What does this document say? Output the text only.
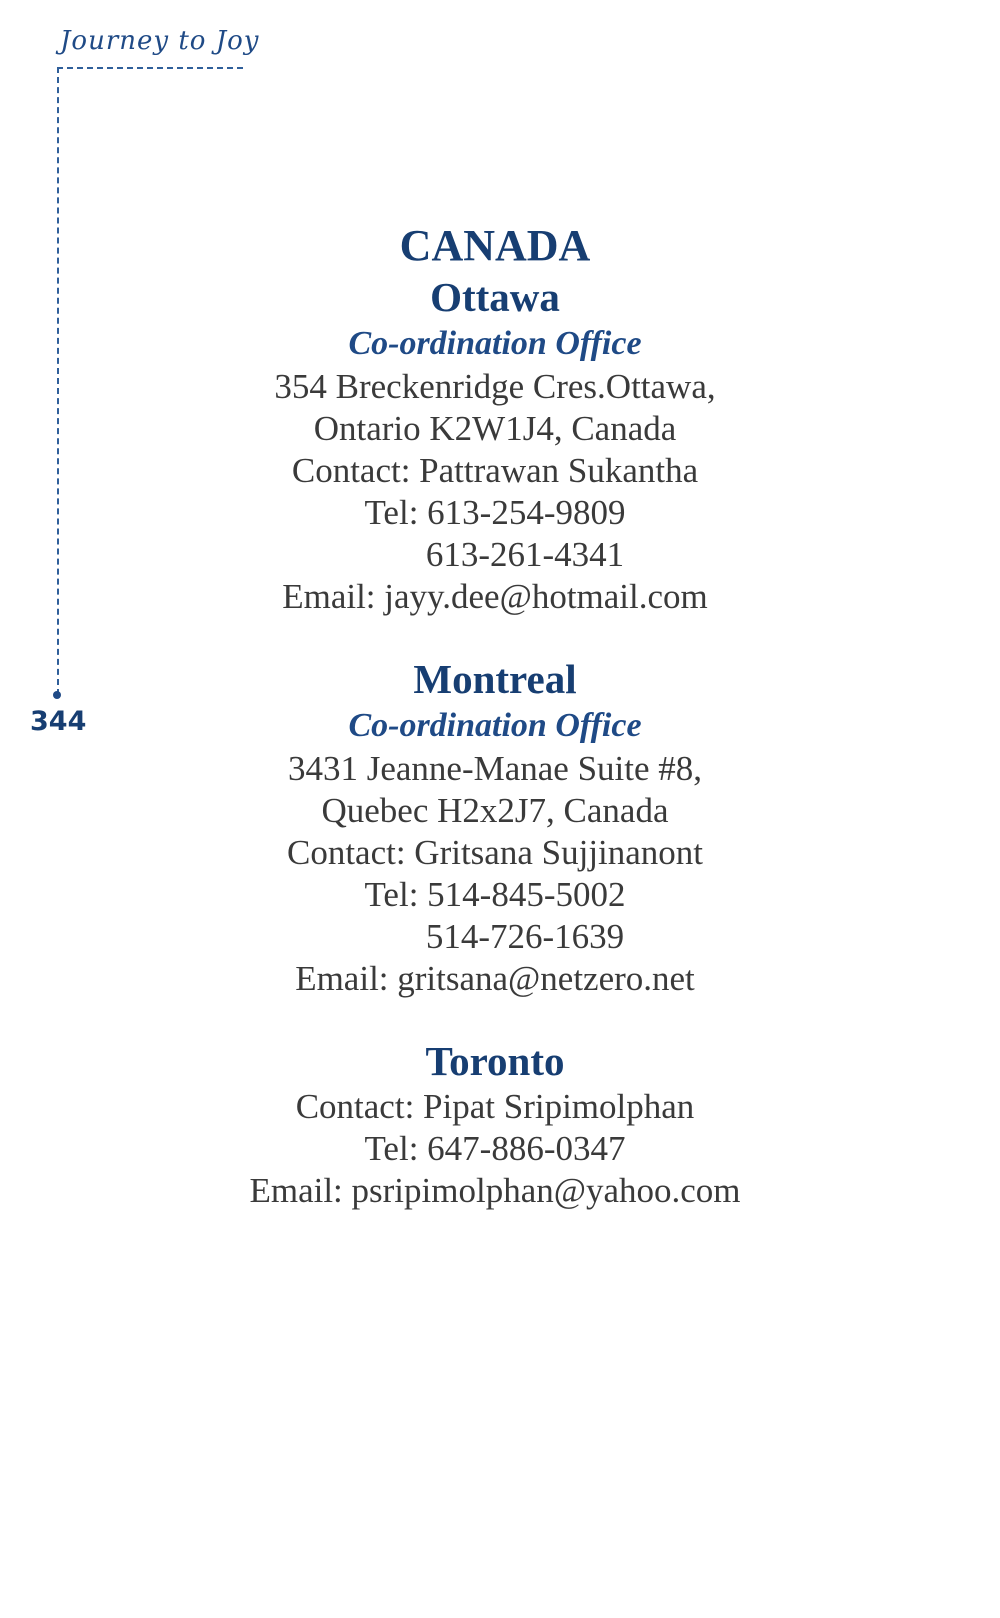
Journey to Joy
344
CANADA
Ottawa
Co-ordination Office
354 Breckenridge Cres.Ottawa,
Ontario K2W1J4, Canada
Contact: Pattrawan Sukantha
Tel: 613-254-9809
613-261-4341
Email: jayy.dee@hotmail.com
Montreal
Co-ordination Office
3431 Jeanne-Manae Suite #8,
Quebec H2x2J7, Canada
Contact: Gritsana Sujjinanont
Tel: 514-845-5002
514-726-1639
Email: gritsana@netzero.net
Toronto
Contact: Pipat Sripimolphan
Tel: 647-886-0347
Email: psripimolphan@yahoo.com
